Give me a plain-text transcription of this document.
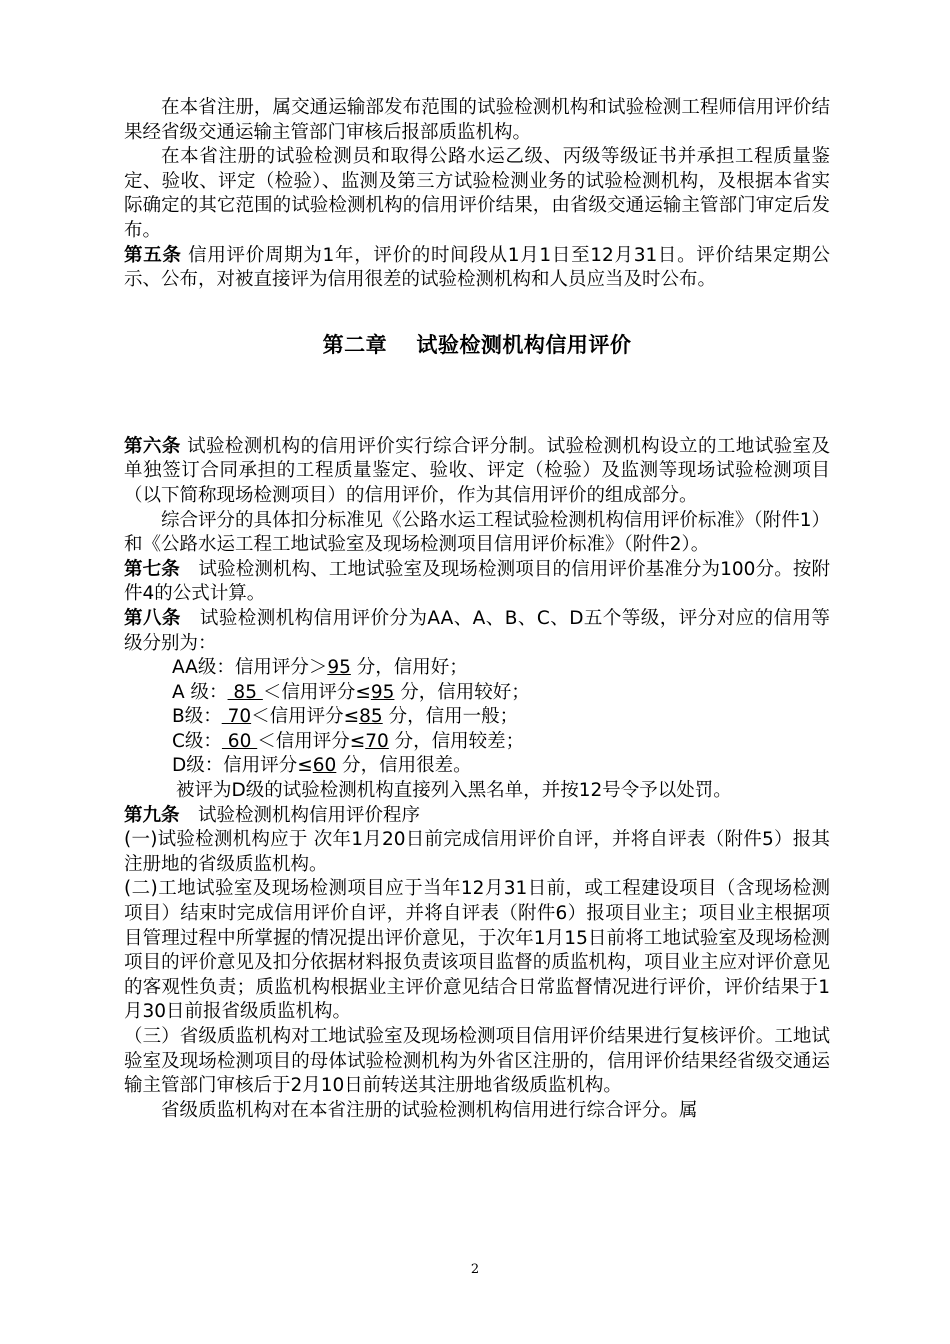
在本省注册，属交通运输部发布范围的试验检测机构和试验检测工程师信用评价结果经省级交通运输主管部门审核后报部质监机构。

在本省注册的试验检测员和取得公路水运乙级、丙级等级证书并承担工程质量鉴定、验收、评定（检验）、监测及第三方试验检测业务的试验检测机构，及根据本省实际确定的其它范围的试验检测机构的信用评价结果，由省级交通运输主管部门审定后发布。

第五条 信用评价周期为1年，评价的时间段从1月1日至12月31日。评价结果定期公示、公布，对被直接评为信用很差的试验检测机构和人员应当及时公布。

第二章　 试验检测机构信用评价

第六条 试验检测机构的信用评价实行综合评分制。试验检测机构设立的工地试验室及单独签订合同承担的工程质量鉴定、验收、评定（检验）及监测等现场试验检测项目（以下简称现场检测项目）的信用评价，作为其信用评价的组成部分。

综合评分的具体扣分标准见《公路水运工程试验检测机构信用评价标准》（附件1）和《公路水运工程工地试验室及现场检测项目信用评价标准》（附件2）。

第七条　试验检测机构、工地试验室及现场检测项目的信用评价基准分为100分。按附件4的公式计算。

第八条　试验检测机构信用评价分为AA、A、B、C、D五个等级，评分对应的信用等级分别为：

AA级：信用评分＞95 分，信用好；

A 级： 85 ＜信用评分≤95 分，信用较好；

B级： 70＜信用评分≤85 分，信用一般；

C级： 60 ＜信用评分≤70 分，信用较差；

D级：信用评分≤60 分，信用很差。

被评为D级的试验检测机构直接列入黑名单，并按12号令予以处罚。

第九条　试验检测机构信用评价程序

(一)试验检测机构应于 次年1月20日前完成信用评价自评，并将自评表（附件5）报其注册地的省级质监机构。

(二)工地试验室及现场检测项目应于当年12月31日前，或工程建设项目（含现场检测项目）结束时完成信用评价自评，并将自评表（附件6）报项目业主；项目业主根据项目管理过程中所掌握的情况提出评价意见，于次年1月15日前将工地试验室及现场检测项目的评价意见及扣分依据材料报负责该项目监督的质监机构，项目业主应对评价意见的客观性负责；质监机构根据业主评价意见结合日常监督情况进行评价，评价结果于1月30日前报省级质监机构。

（三）省级质监机构对工地试验室及现场检测项目信用评价结果进行复核评价。工地试验室及现场检测项目的母体试验检测机构为外省区注册的，信用评价结果经省级交通运输主管部门审核后于2月10日前转送其注册地省级质监机构。

省级质监机构对在本省注册的试验检测机构信用进行综合评分。属

2
